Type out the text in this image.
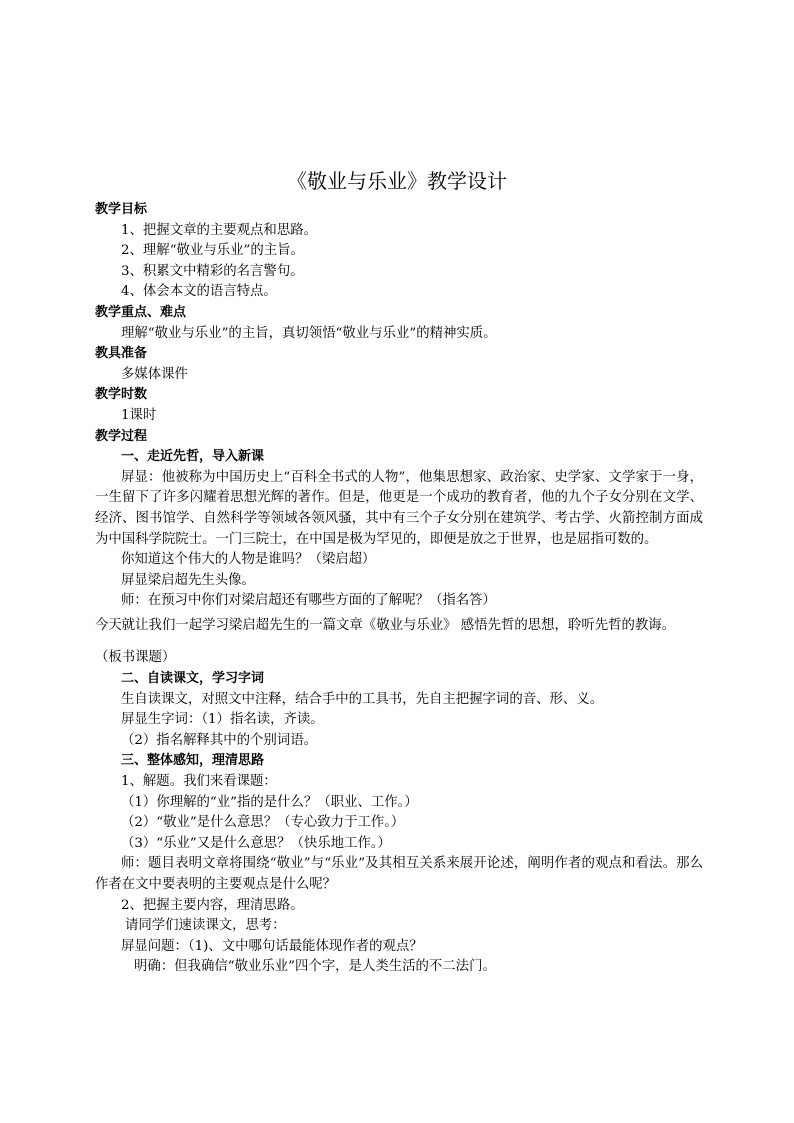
《敬业与乐业》教学设计

教学目标

1、把握文章的主要观点和思路。

2、理解“敬业与乐业”的主旨。

3、积累文中精彩的名言警句。

4、体会本文的语言特点。

教学重点、难点

理解“敬业与乐业”的主旨，真切领悟“敬业与乐业”的精神实质。

教具准备

多媒体课件

教学时数

1课时

教学过程

一、走近先哲，导入新课

屏显：他被称为中国历史上“百科全书式的人物”，他集思想家、政治家、史学家、文学家于一身，一生留下了许多闪耀着思想光辉的著作。但是，他更是一个成功的教育者，他的九个子女分别在文学、经济、图书馆学、自然科学等领域各领风骚，其中有三个子女分别在建筑学、考古学、火箭控制方面成为中国科学院院士。一门三院士，在中国是极为罕见的，即便是放之于世界，也是屈指可数的。

你知道这个伟大的人物是谁吗？（梁启超）

屏显梁启超先生头像。

师：在预习中你们对梁启超还有哪些方面的了解呢？（指名答）

今天就让我们一起学习梁启超先生的一篇文章《敬业与乐业》 感悟先哲的思想，聆听先哲的教诲。

（板书课题）

二、自读课文，学习字词

生自读课文，对照文中注释，结合手中的工具书，先自主把握字词的音、形、义。

屏显生字词：（1）指名读，齐读。

（2）指名解释其中的个别词语。

三、整体感知，理清思路

1、解题。我们来看课题：

（1）你理解的“业”指的是什么？（职业、工作。）

（2）“敬业”是什么意思？（专心致力于工作。）

（3）“乐业”又是什么意思？（快乐地工作。）

师：题目表明文章将围绕“敬业”与“乐业”及其相互关系来展开论述，阐明作者的观点和看法。那么作者在文中要表明的主要观点是什么呢？

2、把握主要内容，理清思路。

请同学们速读课文，思考：

屏显问题：（1)、文中哪句话最能体现作者的观点？

明确：但我确信“敬业乐业”四个字，是人类生活的不二法门。
